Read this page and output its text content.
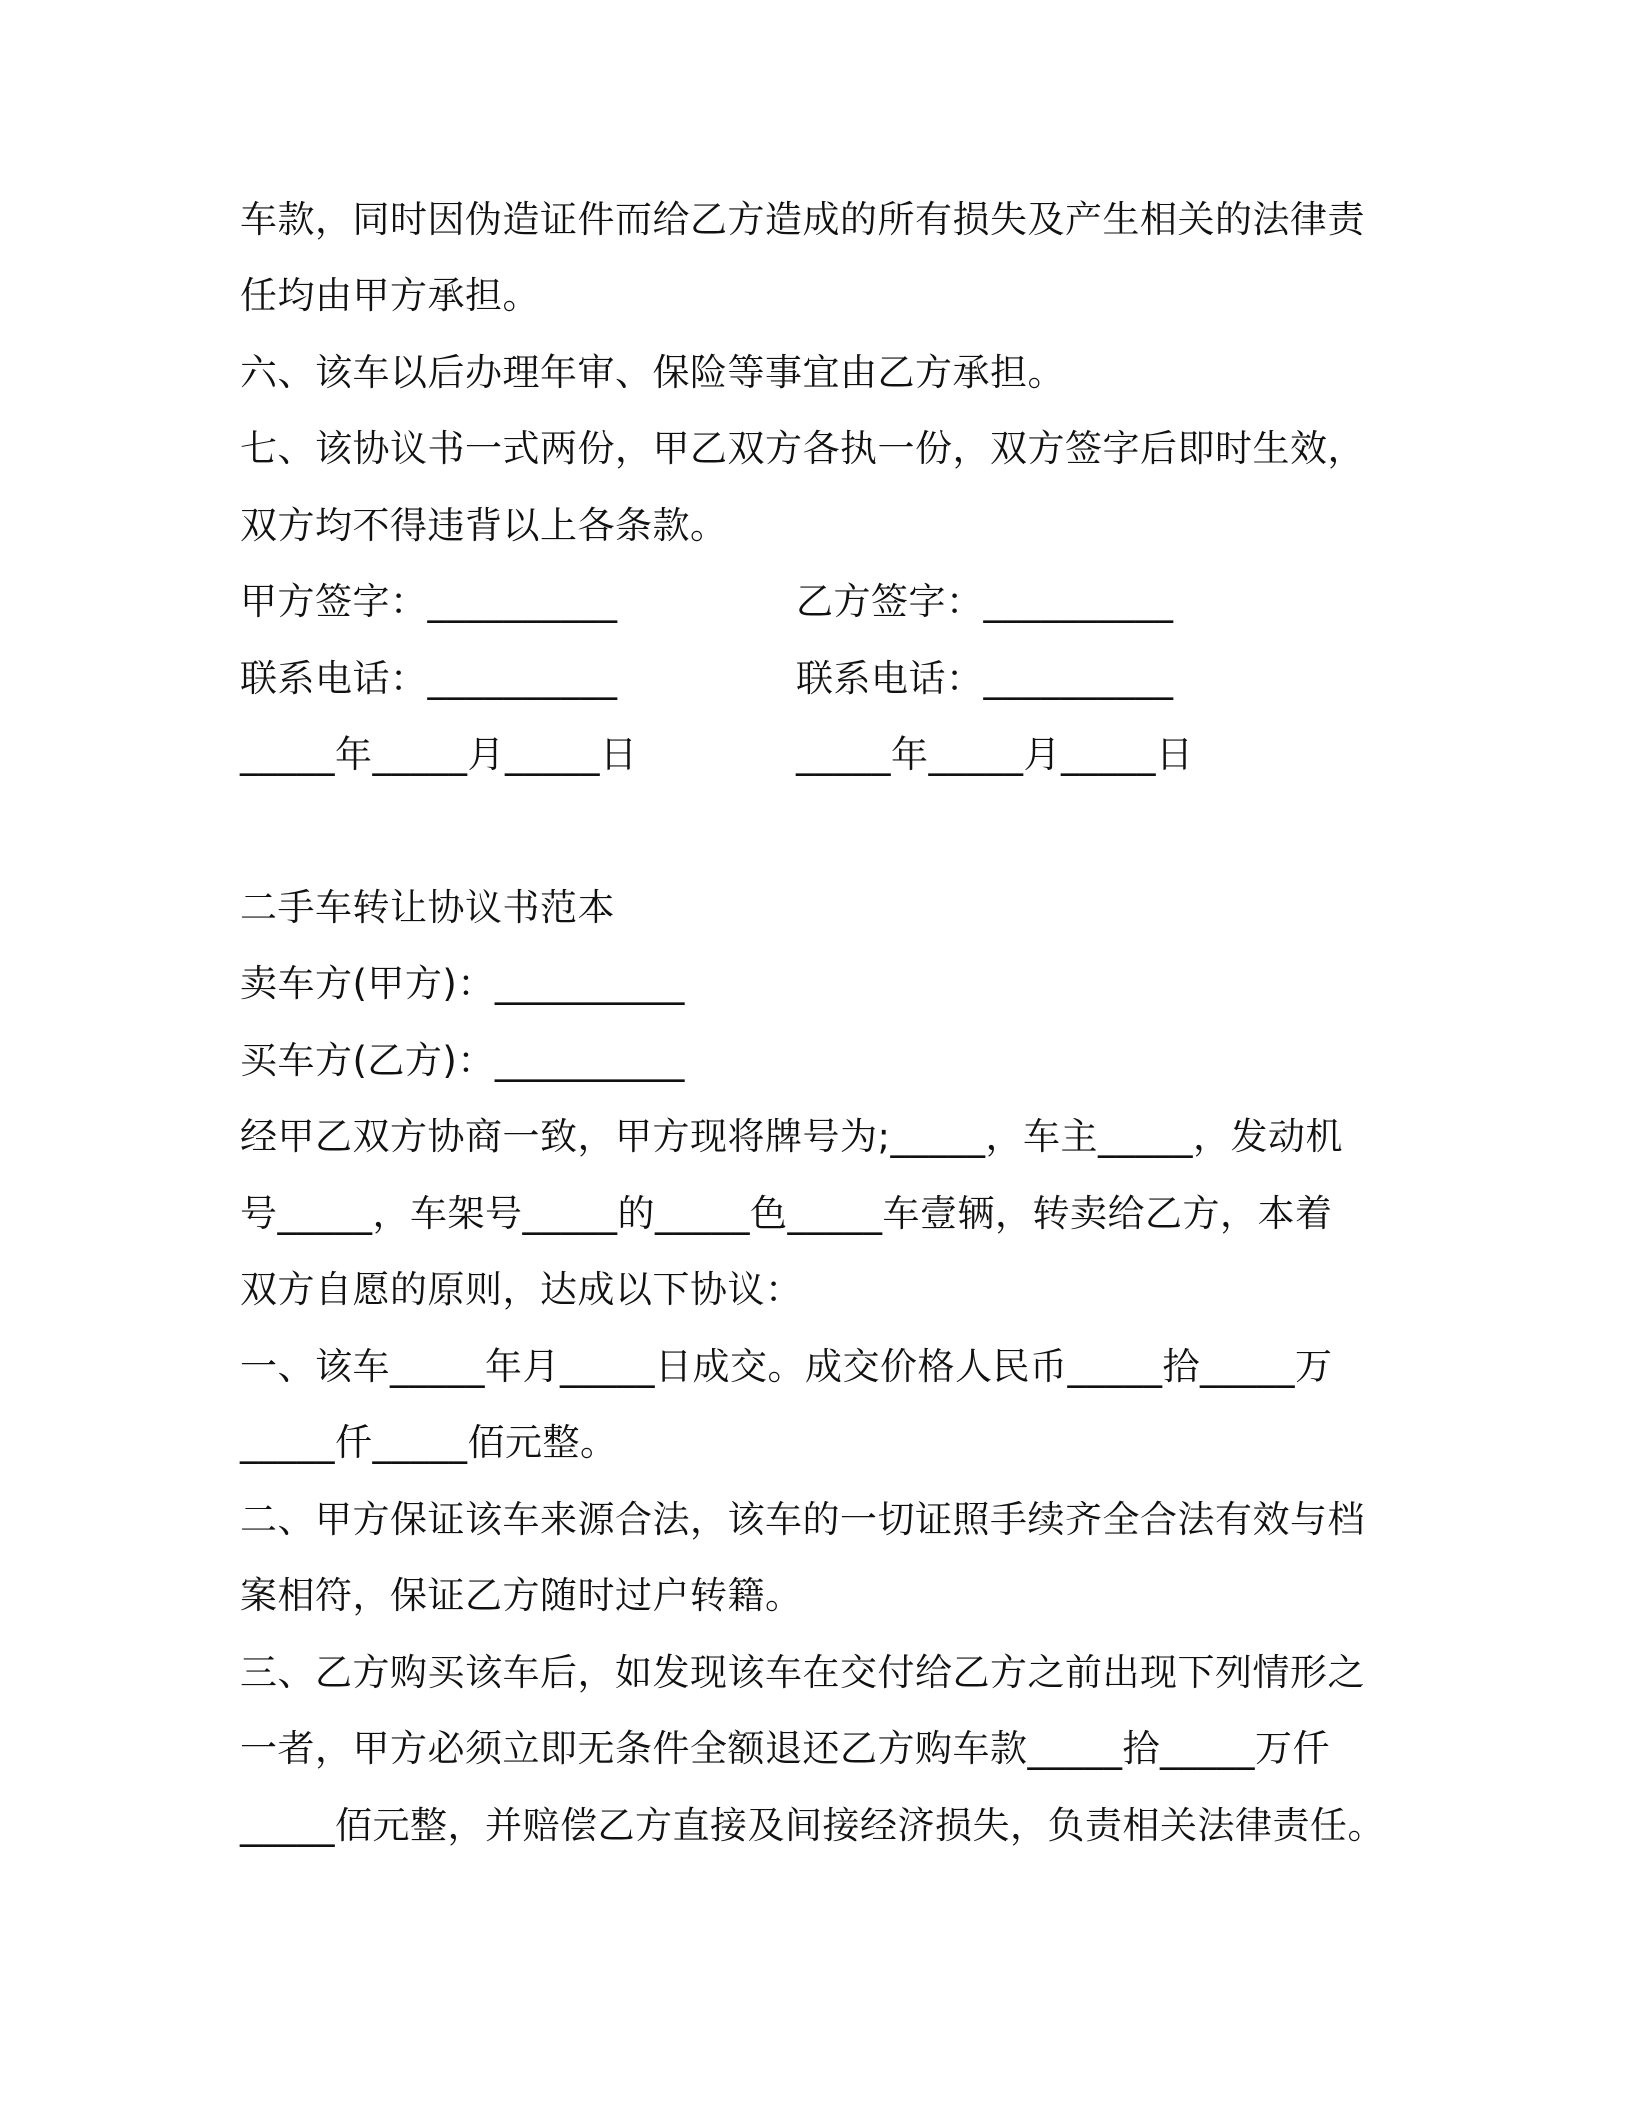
车款，同时因伪造证件而给乙方造成的所有损失及产生相关的法律责
任均由甲方承担。
六、该车以后办理年审、保险等事宜由乙方承担。
七、该协议书一式两份，甲乙双方各执一份，双方签字后即时生效，
双方均不得违背以上各条款。
甲方签字：__________	乙方签字：__________
联系电话：__________	联系电话：__________
_____年_____月_____日	_____年_____月_____日
二手车转让协议书范本
卖车方(甲方)：__________
买车方(乙方)：__________
经甲乙双方协商一致，甲方现将牌号为;_____，车主_____，发动机
号_____，车架号_____的_____色_____车壹辆，转卖给乙方，本着
双方自愿的原则，达成以下协议：
一、该车_____年月_____日成交。成交价格人民币_____拾_____万
_____仟_____佰元整。
二、甲方保证该车来源合法，该车的一切证照手续齐全合法有效与档
案相符，保证乙方随时过户转籍。
三、乙方购买该车后，如发现该车在交付给乙方之前出现下列情形之
一者，甲方必须立即无条件全额退还乙方购车款_____拾_____万仟
_____佰元整，并赔偿乙方直接及间接经济损失，负责相关法律责任。
